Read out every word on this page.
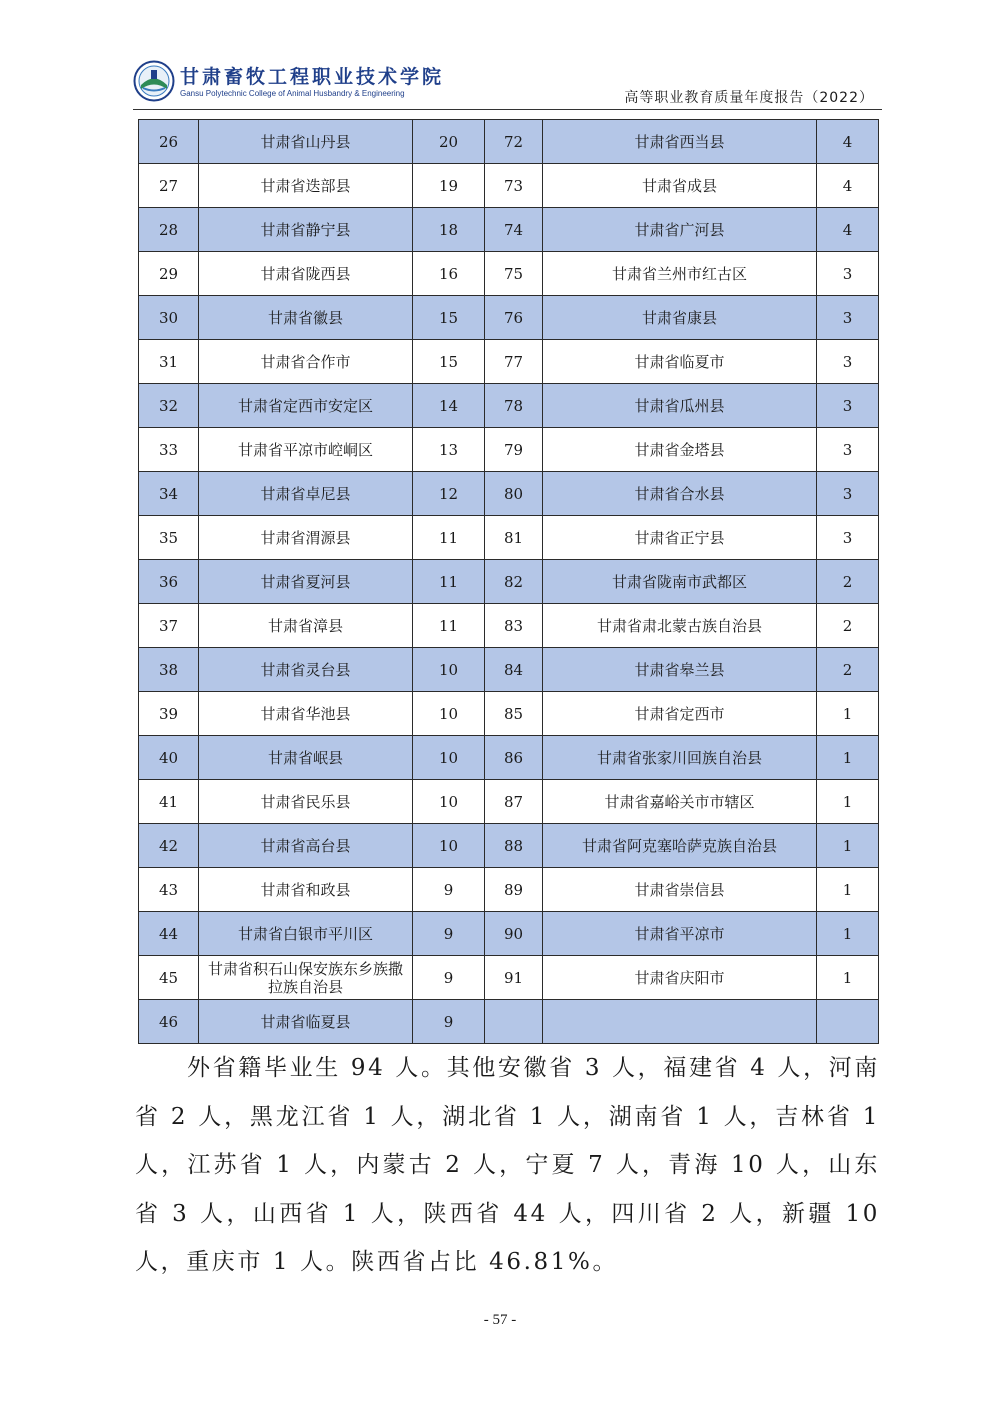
甘肃畜牧工程职业技术学院
Gansu Polytechnic College of Animal Husbandry & Engineering	高等职业教育质量年度报告（2022）
26	甘肃省山丹县	20	72	甘肃省西当县	4
27	甘肃省迭部县	19	73	甘肃省成县	4
28	甘肃省静宁县	18	74	甘肃省广河县	4
29	甘肃省陇西县	16	75	甘肃省兰州市红古区	3
30	甘肃省徽县	15	76	甘肃省康县	3
31	甘肃省合作市	15	77	甘肃省临夏市	3
32	甘肃省定西市安定区	14	78	甘肃省瓜州县	3
33	甘肃省平凉市崆峒区	13	79	甘肃省金塔县	3
34	甘肃省卓尼县	12	80	甘肃省合水县	3
35	甘肃省渭源县	11	81	甘肃省正宁县	3
36	甘肃省夏河县	11	82	甘肃省陇南市武都区	2
37	甘肃省漳县	11	83	甘肃省肃北蒙古族自治县	2
38	甘肃省灵台县	10	84	甘肃省皋兰县	2
39	甘肃省华池县	10	85	甘肃省定西市	1
40	甘肃省岷县	10	86	甘肃省张家川回族自治县	1
41	甘肃省民乐县	10	87	甘肃省嘉峪关市市辖区	1
42	甘肃省高台县	10	88	甘肃省阿克塞哈萨克族自治县	1
43	甘肃省和政县	9	89	甘肃省崇信县	1
44	甘肃省白银市平川区	9	90	甘肃省平凉市	1
45	甘肃省积石山保安族东乡族撒拉族自治县	9	91	甘肃省庆阳市	1
46	甘肃省临夏县	9			
外省籍毕业生 94 人。其他安徽省 3 人，福建省 4 人，河南省 2 人，黑龙江省 1 人，湖北省 1 人，湖南省 1 人，吉林省 1 人，江苏省 1 人，内蒙古 2 人，宁夏 7 人，青海 10 人，山东省 3 人，山西省 1 人，陕西省 44 人，四川省 2 人，新疆 10 人，重庆市 1 人。陕西省占比 46.81%。
- 57 -
